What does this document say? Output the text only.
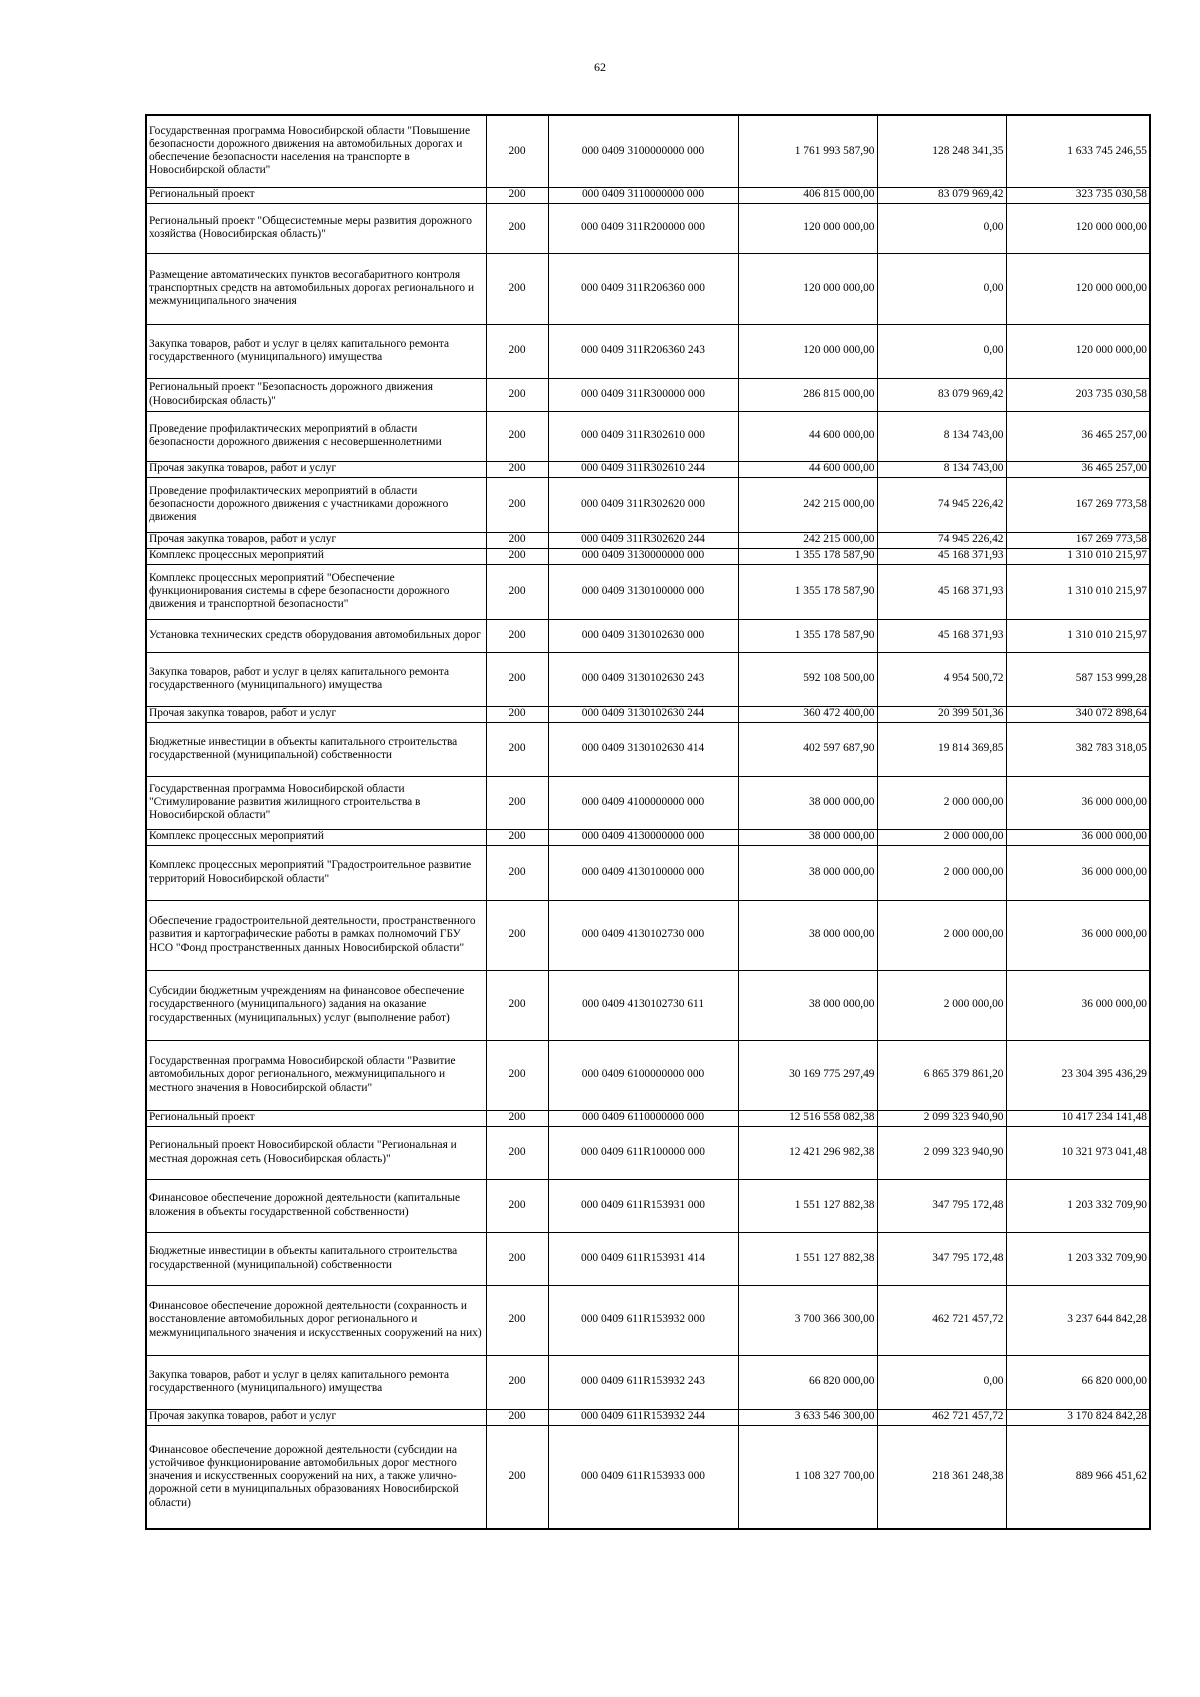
62
Государственная программа Новосибирской области "Повышение безопасности дорожного движения на автомобильных дорогах и обеспечение безопасности населения на транспорте в Новосибирской области"	200	000 0409 3100000000 000	1 761 993 587,90	128 248 341,35	1 633 745 246,55
Региональный проект	200	000 0409 3110000000 000	406 815 000,00	83 079 969,42	323 735 030,58
Региональный проект "Общесистемные меры развития дорожного хозяйства (Новосибирская область)"	200	000 0409 311R200000 000	120 000 000,00	0,00	120 000 000,00
Размещение автоматических пунктов весогабаритного контроля транспортных средств на автомобильных дорогах регионального и межмуниципального значения	200	000 0409 311R206360 000	120 000 000,00	0,00	120 000 000,00
Закупка товаров, работ и услуг в целях капитального ремонта государственного (муниципального) имущества	200	000 0409 311R206360 243	120 000 000,00	0,00	120 000 000,00
Региональный проект "Безопасность дорожного движения (Новосибирская область)"	200	000 0409 311R300000 000	286 815 000,00	83 079 969,42	203 735 030,58
Проведение профилактических мероприятий в области безопасности дорожного движения с несовершеннолетними	200	000 0409 311R302610 000	44 600 000,00	8 134 743,00	36 465 257,00
Прочая закупка товаров, работ и услуг	200	000 0409 311R302610 244	44 600 000,00	8 134 743,00	36 465 257,00
Проведение профилактических мероприятий в области безопасности дорожного движения с участниками дорожного движения	200	000 0409 311R302620 000	242 215 000,00	74 945 226,42	167 269 773,58
Прочая закупка товаров, работ и услуг	200	000 0409 311R302620 244	242 215 000,00	74 945 226,42	167 269 773,58
Комплекс процессных мероприятий	200	000 0409 3130000000 000	1 355 178 587,90	45 168 371,93	1 310 010 215,97
Комплекс процессных мероприятий "Обеспечение функционирования системы в сфере безопасности дорожного движения и транспортной безопасности"	200	000 0409 3130100000 000	1 355 178 587,90	45 168 371,93	1 310 010 215,97
Установка технических средств оборудования автомобильных дорог	200	000 0409 3130102630 000	1 355 178 587,90	45 168 371,93	1 310 010 215,97
Закупка товаров, работ и услуг в целях капитального ремонта государственного (муниципального) имущества	200	000 0409 3130102630 243	592 108 500,00	4 954 500,72	587 153 999,28
Прочая закупка товаров, работ и услуг	200	000 0409 3130102630 244	360 472 400,00	20 399 501,36	340 072 898,64
Бюджетные инвестиции в объекты капитального строительства государственной (муниципальной) собственности	200	000 0409 3130102630 414	402 597 687,90	19 814 369,85	382 783 318,05
Государственная программа Новосибирской области "Стимулирование развития жилищного строительства в Новосибирской области"	200	000 0409 4100000000 000	38 000 000,00	2 000 000,00	36 000 000,00
Комплекс процессных мероприятий	200	000 0409 4130000000 000	38 000 000,00	2 000 000,00	36 000 000,00
Комплекс процессных мероприятий "Градостроительное развитие территорий Новосибирской области"	200	000 0409 4130100000 000	38 000 000,00	2 000 000,00	36 000 000,00
Обеспечение градостроительной деятельности, пространственного развития и картографические работы в рамках полномочий ГБУ НСО "Фонд пространственных данных Новосибирской области"	200	000 0409 4130102730 000	38 000 000,00	2 000 000,00	36 000 000,00
Субсидии бюджетным учреждениям на финансовое обеспечение государственного (муниципального) задания на оказание государственных (муниципальных) услуг (выполнение работ)	200	000 0409 4130102730 611	38 000 000,00	2 000 000,00	36 000 000,00
Государственная программа Новосибирской области "Развитие автомобильных дорог регионального, межмуниципального и местного значения в Новосибирской области"	200	000 0409 6100000000 000	30 169 775 297,49	6 865 379 861,20	23 304 395 436,29
Региональный проект	200	000 0409 6110000000 000	12 516 558 082,38	2 099 323 940,90	10 417 234 141,48
Региональный проект Новосибирской области "Региональная и местная дорожная сеть (Новосибирская область)"	200	000 0409 611R100000 000	12 421 296 982,38	2 099 323 940,90	10 321 973 041,48
Финансовое обеспечение дорожной деятельности (капитальные вложения в объекты государственной собственности)	200	000 0409 611R153931 000	1 551 127 882,38	347 795 172,48	1 203 332 709,90
Бюджетные инвестиции в объекты капитального строительства государственной (муниципальной) собственности	200	000 0409 611R153931 414	1 551 127 882,38	347 795 172,48	1 203 332 709,90
Финансовое обеспечение дорожной деятельности (сохранность и восстановление автомобильных дорог регионального и межмуниципального значения и искусственных сооружений на них)	200	000 0409 611R153932 000	3 700 366 300,00	462 721 457,72	3 237 644 842,28
Закупка товаров, работ и услуг в целях капитального ремонта государственного (муниципального) имущества	200	000 0409 611R153932 243	66 820 000,00	0,00	66 820 000,00
Прочая закупка товаров, работ и услуг	200	000 0409 611R153932 244	3 633 546 300,00	462 721 457,72	3 170 824 842,28
Финансовое обеспечение дорожной деятельности (субсидии на устойчивое функционирование автомобильных дорог местного значения и искусственных сооружений на них, а также улично-дорожной сети в муниципальных образованиях Новосибирской области)	200	000 0409 611R153933 000	1 108 327 700,00	218 361 248,38	889 966 451,62
